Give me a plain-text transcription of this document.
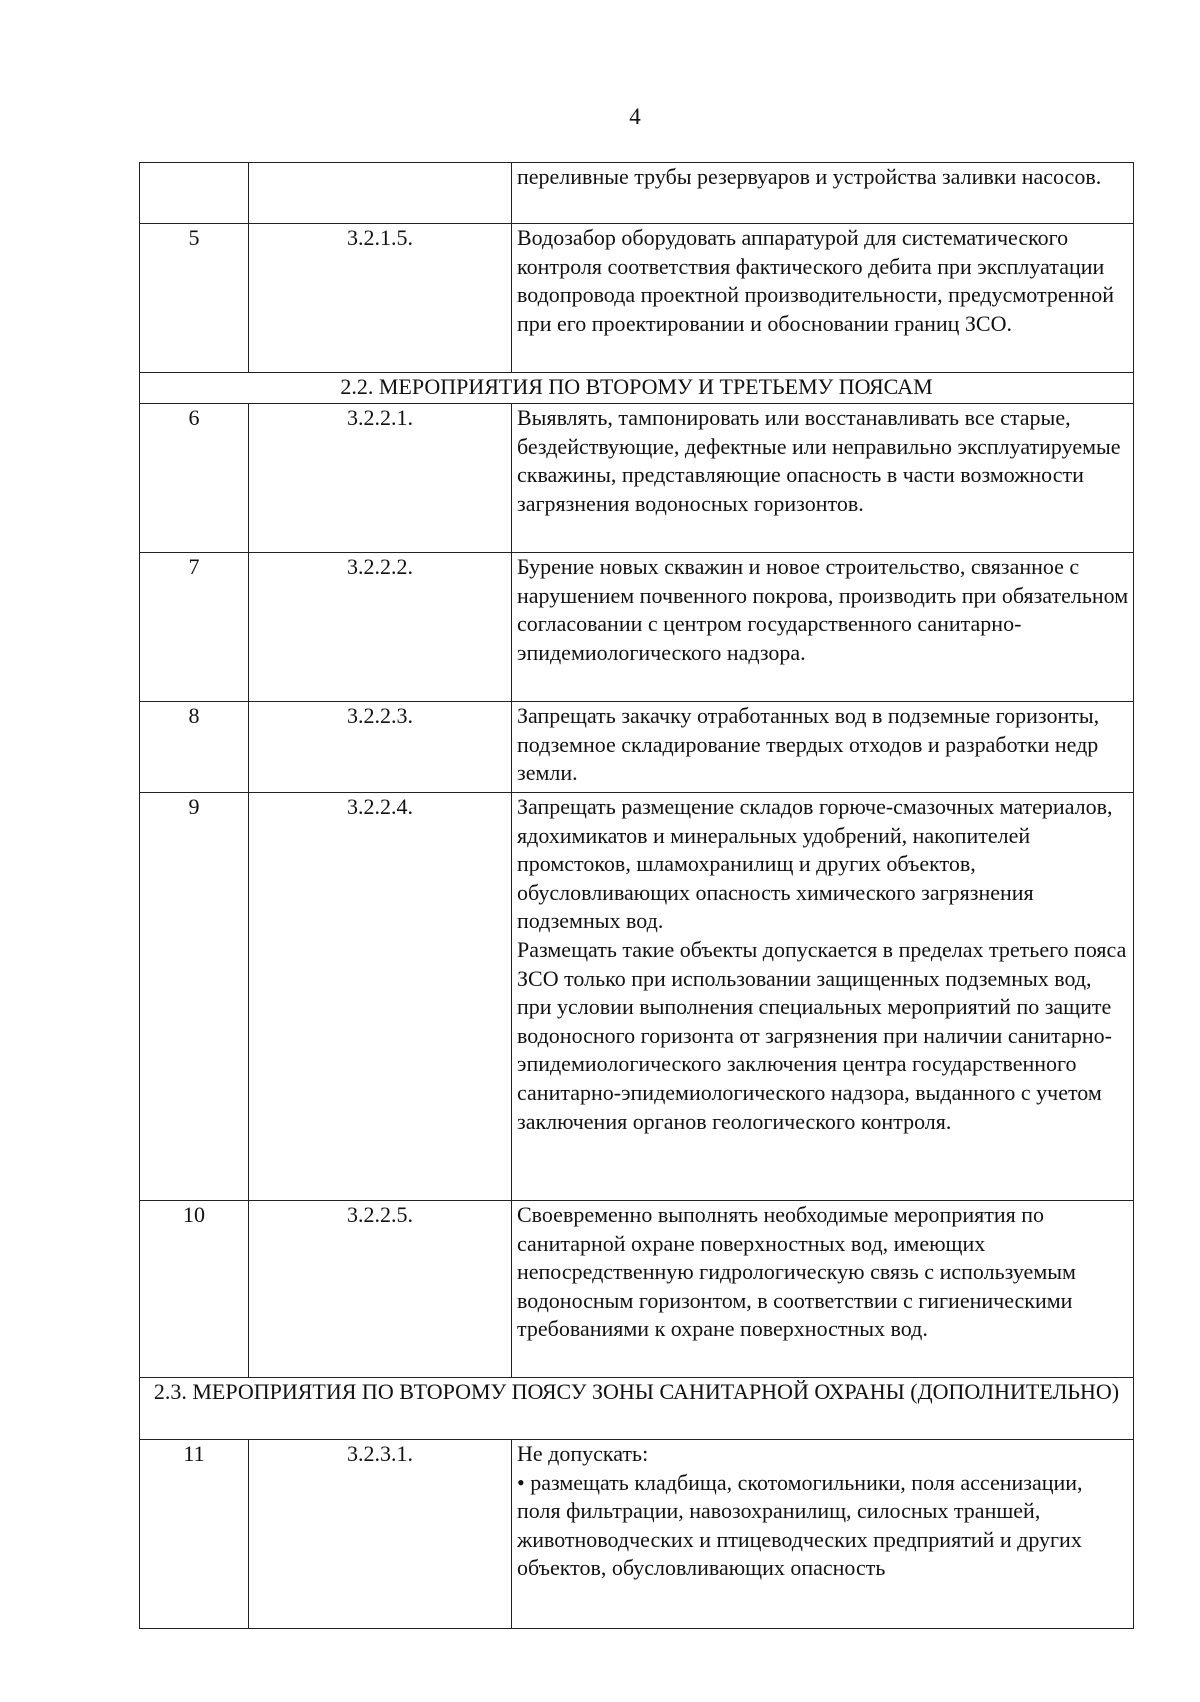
4

		переливные трубы резервуаров и устройства заливки насосов.

5	3.2.1.5.	Водозабор оборудовать аппаратурой для систематического контроля соответствия фактического дебита при эксплуатации водопровода проектной производительности, предусмотренной при его проектировании и обосновании границ ЗСО.

2.2. МЕРОПРИЯТИЯ ПО ВТОРОМУ И ТРЕТЬЕМУ ПОЯСАМ		
6	3.2.2.1.	Выявлять, тампонировать или восстанавливать все старые, бездействующие, дефектные или неправильно эксплуатируемые скважины, представляющие опасность в части возможности загрязнения водоносных горизонтов.

7	3.2.2.2.	Бурение новых скважин и новое строительство, связанное с нарушением почвенного покрова, производить при обязательном согласовании с центром государственного санитарно-эпидемиологического надзора.

8	3.2.2.3.	Запрещать закачку отработанных вод в подземные горизонты, подземное складирование твердых отходов и разработки недр земли.

9	3.2.2.4.	Запрещать размещение складов горюче-смазочных материалов, ядохимикатов и минеральных удобрений, накопителей промстоков, шламохранилищ и других объектов, обусловливающих опасность химического загрязнения подземных вод.
Размещать такие объекты допускается в пределах третьего пояса ЗСО только при использовании защищенных подземных вод, при условии выполнения специальных мероприятий по защите водоносного горизонта от загрязнения при наличии санитарно-эпидемиологического заключения центра государственного санитарно-эпидемиологического надзора, выданного с учетом заключения органов геологического контроля.

10	3.2.2.5.	Своевременно выполнять необходимые мероприятия по санитарной охране поверхностных вод, имеющих непосредственную гидрологическую связь с используемым водоносным горизонтом, в соответствии с гигиеническими требованиями к охране поверхностных вод.

2.3. МЕРОПРИЯТИЯ ПО ВТОРОМУ ПОЯСУ ЗОНЫ САНИТАРНОЙ ОХРАНЫ (ДОПОЛНИТЕЛЬНО)		
11	3.2.3.1.	Не допускать:
• размещать кладбища, скотомогильники, поля ассенизации, поля фильтрации, навозохранилищ, силосных траншей,
животноводческих и птицеводческих предприятий и других объектов, обусловливающих опасность
